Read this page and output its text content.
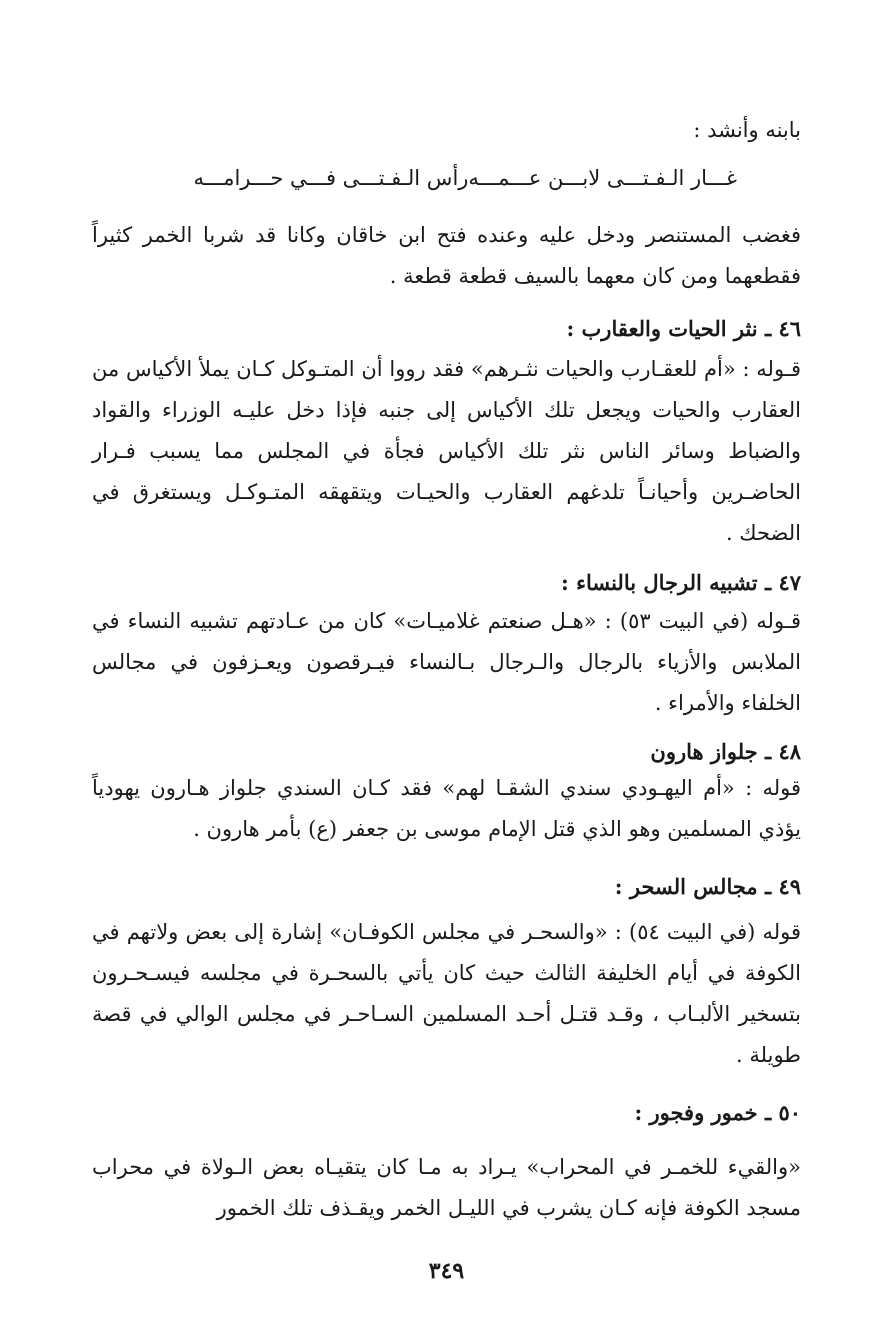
بابنه وأنشد :

غـــار الـفـتـــى لابـــن عـــمـــه
رأس الـفـتـــى فـــي حـــرامـــه

فغضب المستنصر ودخل عليه وعنده فتح ابن خاقان وكانا قد شربا الخمر كثيراً فقطعهما ومن كان معهما بالسيف قطعة قطعة .

٤٦ ـ نثر الحيات والعقارب :

قـوله : «أم للعقـارب والحيات نثـرهم» فقد رووا أن المتـوكل كـان يملأ الأكياس من العقارب والحيات ويجعل تلك الأكياس إلى جنبه فإذا دخل عليـه الوزراء والقواد والضباط وسائر الناس نثر تلك الأكياس فجأة في المجلس مما يسبب فـرار الحاضـرين وأحيانـاً تلدغهم العقارب والحيـات ويتقهقه المتـوكـل ويستغرق في الضحك .

٤٧ ـ تشبيه الرجال بالنساء :

قـوله (في البيت ٥٣) : «هـل صنعتم غلاميـات» كان من عـادتهم تشبيه النساء في الملابس والأزياء بالرجال والـرجال بـالنساء فيـرقصون ويعـزفون في مجالس الخلفاء والأمراء .

٤٨ ـ جلواز هارون

قوله : «أم اليهـودي سندي الشقـا لهم» فقد كـان السندي جلواز هـارون يهودياً يؤذي المسلمين وهو الذي قتل الإمام موسى بن جعفر (ع) بأمر هارون .

٤٩ ـ مجالس السحر :

قوله (في البيت ٥٤) : «والسحـر في مجلس الكوفـان» إشارة إلى بعض ولاتهم في الكوفة في أيام الخليفة الثالث حيث كان يأتي بالسحـرة في مجلسه فيسـحـرون بتسخير الألبـاب ، وقـد قتـل أحـد المسلمين السـاحـر في مجلس الوالي في قصة طويلة .

٥٠ ـ خمور وفجور :

«والقيء للخمـر في المحراب» يـراد به مـا كان يتقيـاه بعض الـولاة في محراب مسجد الكوفة فإنه كـان يشرب في الليـل الخمر ويقـذف تلك الخمور

٣٤٩
